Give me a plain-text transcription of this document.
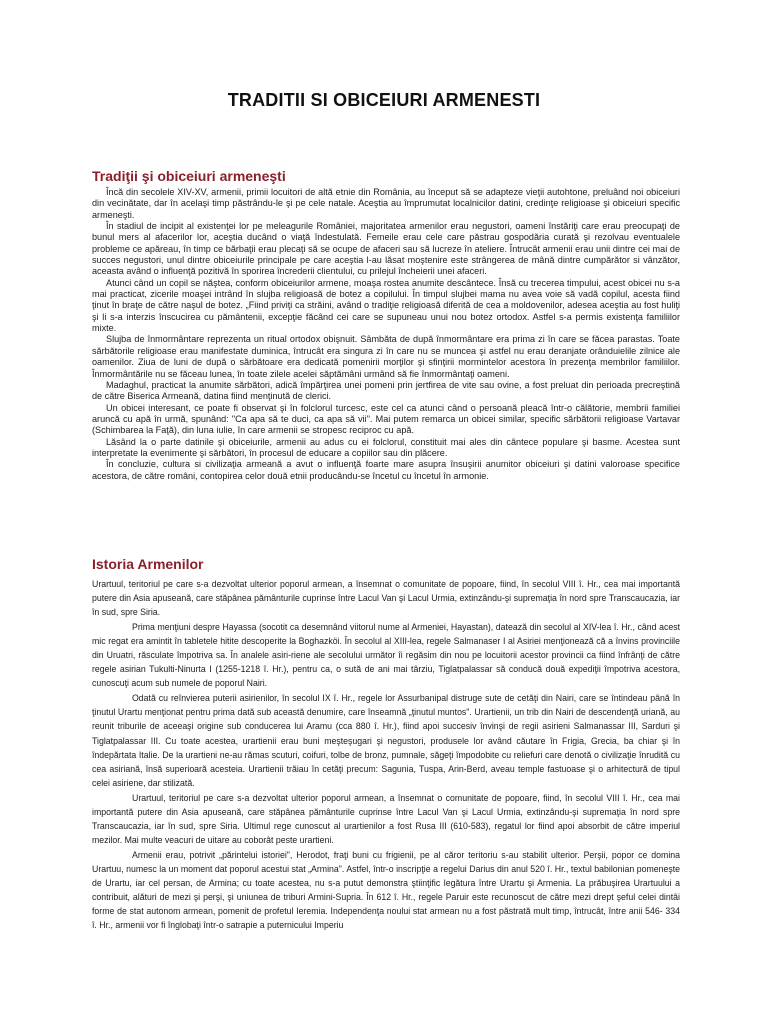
TRADITII SI OBICEIURI ARMENESTI
Tradiţii şi obiceiuri armeneşti

Încă din secolele XIV-XV, armenii, primii locuitori de altă etnie din România, au început să se adapteze vieţii autohtone, preluând noi obiceiuri din vecinătate, dar în acelaşi timp păstrându-le şi pe cele natale. Aceştia au împrumutat localnicilor datini, credinţe religioase şi obiceiuri specific armeneşti.

În stadiul de incipit al existenţei lor pe meleagurile României, majoritatea armenilor erau negustori, oameni înstăriţi care erau preocupaţi de bunul mers al afacerilor lor, aceştia ducând o viaţă îndestulată. Femeile erau cele care păstrau gospodăria curată şi rezolvau eventualele probleme ce apăreau, în timp ce bărbaţii erau plecaţi să se ocupe de afaceri sau să lucreze în ateliere. Întrucât armenii erau unii dintre cei mai de succes negustori, unul dintre obiceiurile principale pe care aceştia l-au lăsat moştenire este strângerea de mână dintre cumpărător si vânzător, aceasta având o influenţă pozitivă în sporirea încrederii clientului, cu prilejul încheierii unei afaceri.

Atunci când un copil se năştea, conform obiceiurilor armene, moaşa rostea anumite descântece. Însă cu trecerea timpului, acest obicei nu s-a mai practicat, zicerile moaşei intrând în slujba religioasă de botez a copilului. În timpul slujbei mama nu avea voie să vadă copilul, acesta fiind ţinut în braţe de către naşul de botez. „Fiind priviţi ca străini, având o tradiţie religioasă diferită de cea a moldovenilor, adesea aceştia au fost huliţi şi li s-a interzis înscucirea cu pământenii, excepţie făcând cei care se supuneau unui nou botez ortodox. Astfel s-a permis existenţa familiilor mixte.

Slujba de înmormântare reprezenta un ritual ortodox obişnuit. Sâmbăta de după înmormântare era prima zi în care se făcea parastas. Toate sărbătorile religioase erau manifestate duminica, întrucât era singura zi în care nu se muncea şi astfel nu erau deranjate orânduielile zilnice ale oamenilor. Ziua de luni de după o sărbătoare era dedicată pomenirii morţilor şi sfinţirii mormintelor acestora în prezenţa membrilor familiilor. Înmormântările nu se făceau lunea, în toate zilele acelei săptămâni urmând să fie înmormântaţi oameni.

Madaghul, practicat la anumite sărbători, adică împărţirea unei pomeni prin jertfirea de vite sau ovine, a fost preluat din perioada precreştină de către Biserica Armeană, datina fiind menţinută de clerici.

Un obicei interesant, ce poate fi observat şi în folclorul turcesc, este cel ca atunci când o persoană pleacă într-o călătorie, membrii familiei aruncă cu apă în urmă, spunând: "Ca apa să te duci, ca apa să vii". Mai putem remarca un obicei similar, specific sărbătorii religioase Vartavar (Schimbarea la Faţă), din luna iulie, în care armenii se stropesc reciproc cu apă.

Lăsând la o parte datinile şi obiceiurile, armenii au adus cu ei folclorul, constituit mai ales din cântece populare şi basme. Acestea sunt interpretate la evenimente şi sărbători, în procesul de educare a copiilor sau din plăcere.

În concluzie, cultura si civilizaţia armeană a avut o influenţă foarte mare asupra însuşirii anumitor obiceiuri şi datini valoroase specifice acestora, de către români, contopirea celor două etnii producându-se încetul cu încetul în armonie.

Istoria Armenilor

Urartuul, teritoriul pe care s-a dezvoltat ulterior poporul armean, a însemnat o comunitate de popoare, fiind, în secolul VIII î. Hr., cea mai importantă putere din Asia apuseană, care stăpânea pământurile cuprinse între Lacul Van şi Lacul Urmia, extinzându-şi supremaţia în nord spre Transcaucazia, iar în sud, spre Siria.

Prima menţiuni despre Hayassa (socotit ca desemnând viitorul nume al Armeniei, Hayastan), datează din secolul al XIV-lea î. Hr., când acest mic regat era amintit în tabletele hitite descoperite la Boghazköi. În secolul al XIII-lea, regele Salmanaser I al Asiriei menţionează că a învins provinciile din Uruatri, răsculate împotriva sa. În analele asiri-riene ale secolului următor îi regăsim din nou pe locuitorii acestor provincii ca fiind înfrânţi de către regele asirian Tukulti-Ninurta I (1255-1218 î. Hr.), pentru ca, o sută de ani mai târziu, Tiglatpalassar să conducă două expediţii împotriva acestora, cunoscuţi acum sub numele de poporul Nairi.

Odată cu reînvierea puterii asirienilor, în secolul IX î. Hr., regele lor Assurbanipal distruge sute de cetăţi din Nairi, care se întindeau până în ţinutul Urartu menţionat pentru prima dată sub această denumire, care înseamnă „ţinutul muntos". Urartienii, un trib din Nairi de descendenţă uriană, au reunit triburile de aceeaşi origine sub conducerea lui Aramu (cca 880 î. Hr.), fiind apoi succesiv învinşi de regii asirieni Salmanassar III, Sarduri şi Tiglatpalassar III. Cu toate acestea, urartienii erau buni meşteşugari şi negustori, produsele lor având căutare în Frigia, Grecia, ba chiar şi în îndepărtata Italie. De la urartieni ne-au rămas scuturi, coifuri, tolbe de bronz, pumnale, săgeţi împodobite cu reliefuri care denotă o civilizaţie înrudită cu cea asiriană, însă superioară acesteia. Urartienii trăiau în cetăţi precum: Sagunia, Tuspa, Arin-Berd, aveau temple fastuoase şi o arhitectură de tipul celei asiriene, dar stilizată.

Urartuul, teritoriul pe care s-a dezvoltat ulterior poporul armean, a însemnat o comunitate de popoare, fiind, în secolul VIII î. Hr., cea mai importantă putere din Asia apuseană, care stăpânea pământurile cuprinse între Lacul Van şi Lacul Urmia, extinzându-şi supremaţia în nord spre Transcaucazia, iar în sud, spre Siria. Ultimul rege cunoscut al urartienilor a fost Rusa III (610-583), regatul lor fiind apoi absorbit de către imperiul mezilor. Mai multe veacuri de uitare au coborât peste urartieni.

Armenii erau, potrivit „părintelui istoriei", Herodot, fraţi buni cu frigienii, pe al căror teritoriu s-au stabilit ulterior. Perşii, popor ce domina Urartuu, numesc la un moment dat poporul acestui stat „Armina". Astfel, într-o inscripţie a regelui Darius din anul 520 î. Hr., textul babilonian pomeneşte de Urartu, iar cel persan, de Armina; cu toate acestea, nu s-a putut demonstra ştiinţific legătura între Urartu şi Armenia. La prăbuşirea Urartuului a contribuit, alături de mezi şi perşi, şi uniunea de triburi Armini-Supria. În 612 î. Hr., regele Paruir este recunoscut de către mezi drept şeful celei dintâi forme de stat autonom armean, pomenit de profetul Ieremia. Independenţa noului stat armean nu a fost păstrată mult timp, întrucât, între anii 546- 334 î. Hr., armenii vor fi înglobaţi într-o satrapie a puternicului Imperiu
